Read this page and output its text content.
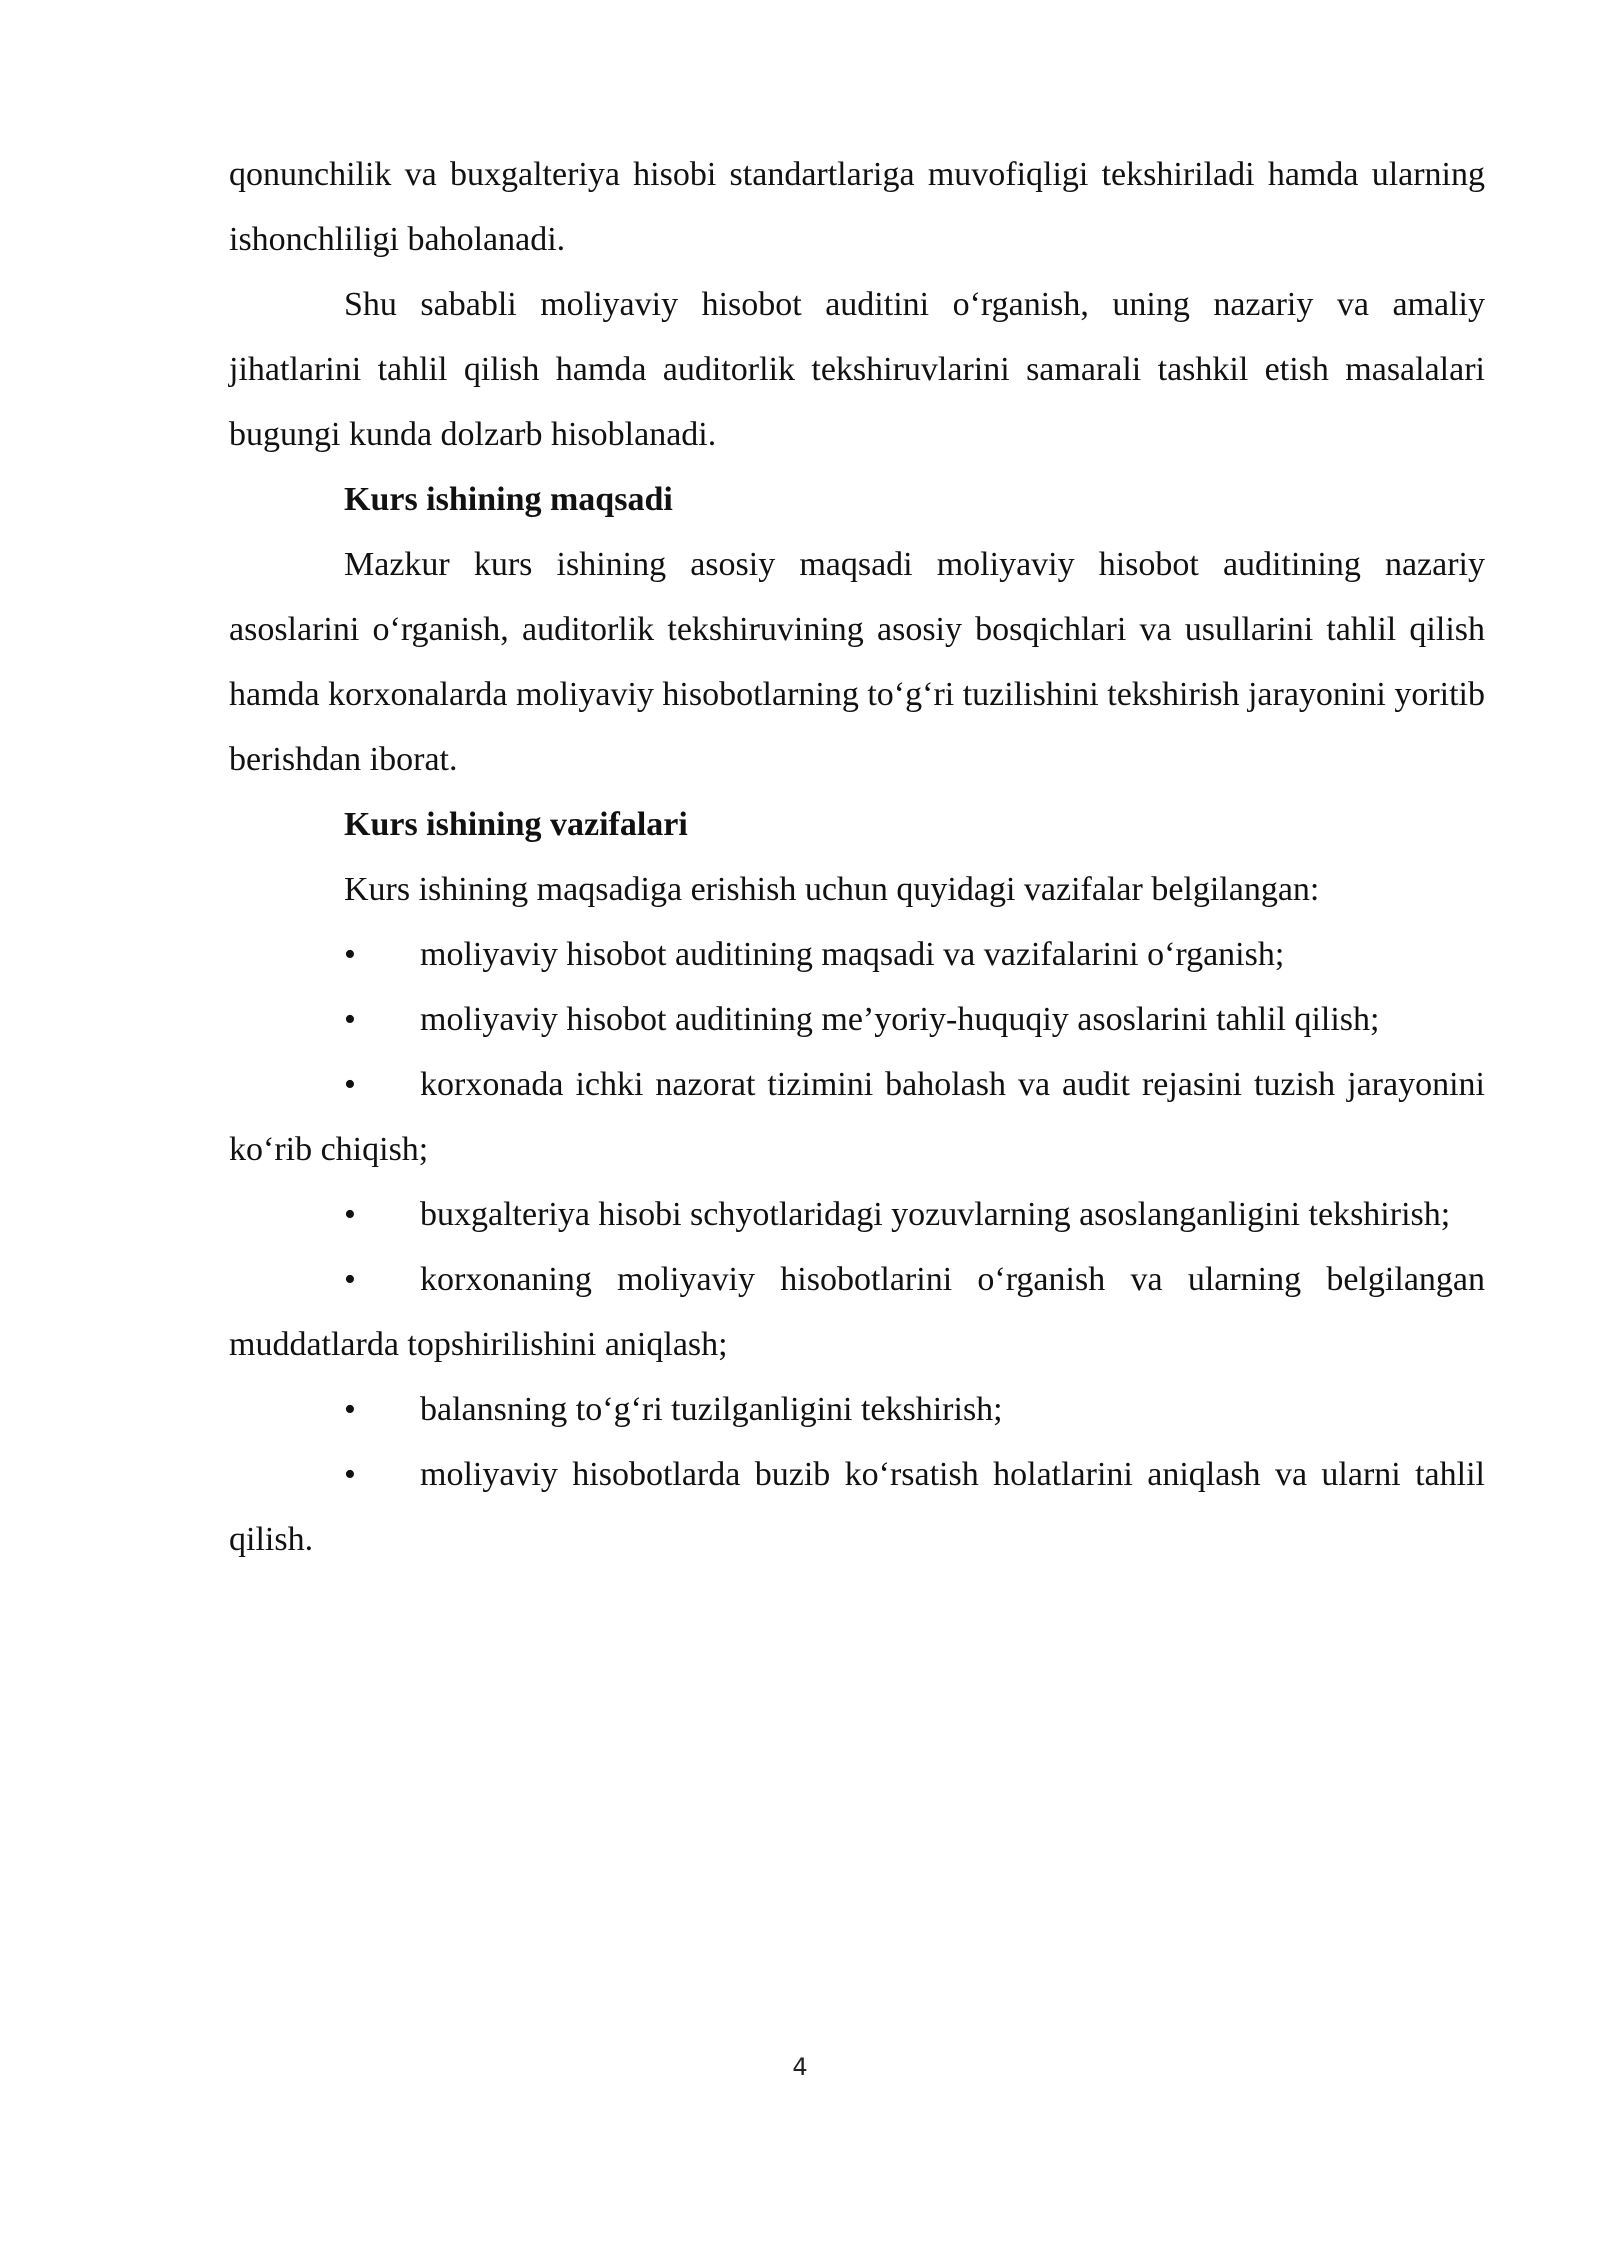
qonunchilik va buxgalteriya hisobi standartlariga muvofiqligi tekshiriladi hamda ularning ishonchliligi baholanadi.

Shu sababli moliyaviy hisobot auditini o‘rganish, uning nazariy va amaliy jihatlarini tahlil qilish hamda auditorlik tekshiruvlarini samarali tashkil etish masalalari bugungi kunda dolzarb hisoblanadi.

Kurs ishining maqsadi

Mazkur kurs ishining asosiy maqsadi moliyaviy hisobot auditining nazariy asoslarini o‘rganish, auditorlik tekshiruvining asosiy bosqichlari va usullarini tahlil qilish hamda korxonalarda moliyaviy hisobotlarning to‘g‘ri tuzilishini tekshirish jarayonini yoritib berishdan iborat.

Kurs ishining vazifalari

Kurs ishining maqsadiga erishish uchun quyidagi vazifalar belgilangan:

• moliyaviy hisobot auditining maqsadi va vazifalarini o‘rganish;
• moliyaviy hisobot auditining me’yoriy-huquqiy asoslarini tahlil qilish;
• korxonada ichki nazorat tizimini baholash va audit rejasini tuzish jarayonini ko‘rib chiqish;
• buxgalteriya hisobi schyotlaridagi yozuvlarning asoslanganligini tekshirish;
• korxonaning moliyaviy hisobotlarini o‘rganish va ularning belgilangan muddatlarda topshirilishini aniqlash;
• balansning to‘g‘ri tuzilganligini tekshirish;
• moliyaviy hisobotlarda buzib ko‘rsatish holatlarini aniqlash va ularni tahlil qilish.
4
